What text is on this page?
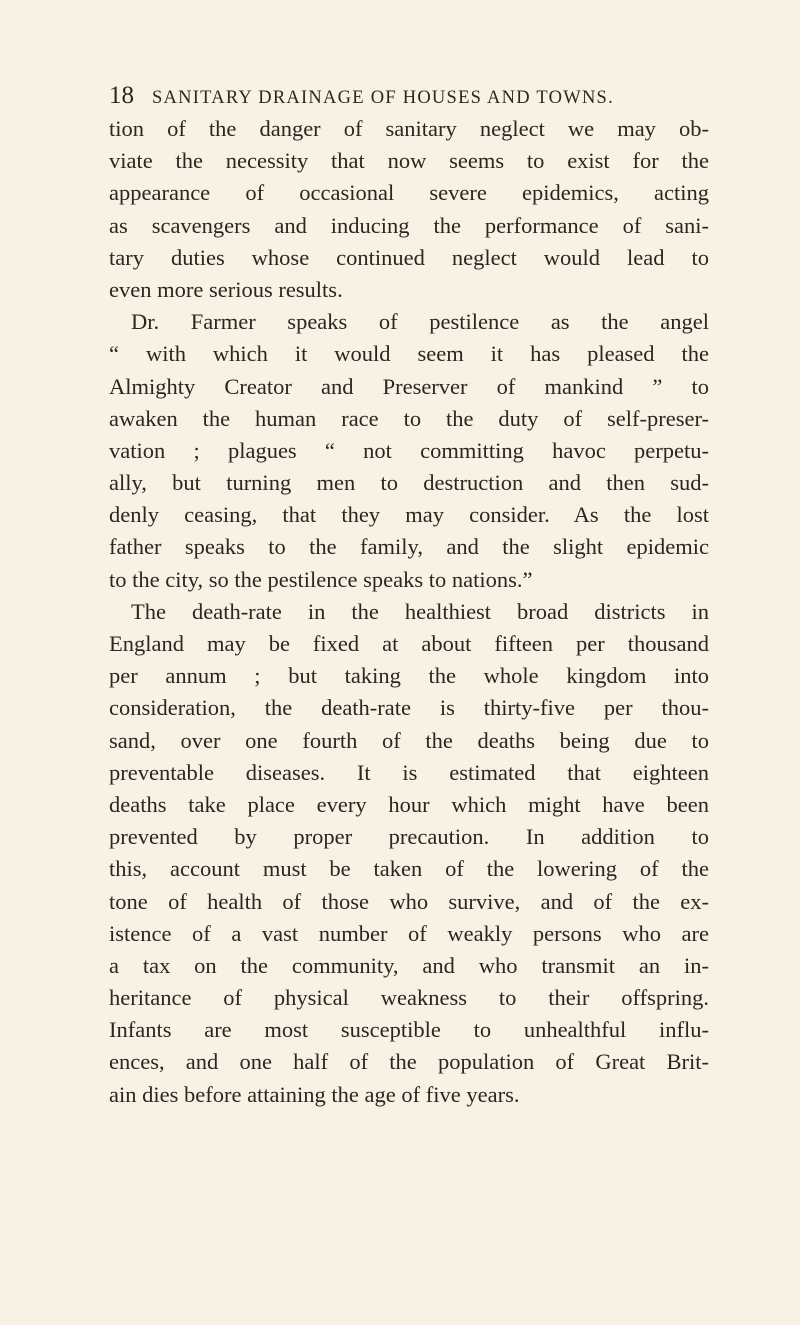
18 SANITARY DRAINAGE OF HOUSES AND TOWNS.
tion of the danger of sanitary neglect we may ob-
viate the necessity that now seems to exist for the
appearance of occasional severe epidemics, acting
as scavengers and inducing the performance of sani-
tary duties whose continued neglect would lead to
even more serious results.
Dr. Farmer speaks of pestilence as the angel
“ with which it would seem it has pleased the
Almighty Creator and Preserver of mankind ” to
awaken the human race to the duty of self-preser-
vation ; plagues “ not committing havoc perpetu-
ally, but turning men to destruction and then sud-
denly ceasing, that they may consider. As the lost
father speaks to the family, and the slight epidemic
to the city, so the pestilence speaks to nations.”
The death-rate in the healthiest broad districts in
England may be fixed at about fifteen per thousand
per annum ; but taking the whole kingdom into
consideration, the death-rate is thirty-five per thou-
sand, over one fourth of the deaths being due to
preventable diseases. It is estimated that eighteen
deaths take place every hour which might have been
prevented by proper precaution. In addition to
this, account must be taken of the lowering of the
tone of health of those who survive, and of the ex-
istence of a vast number of weakly persons who are
a tax on the community, and who transmit an in-
heritance of physical weakness to their offspring.
Infants are most susceptible to unhealthful influ-
ences, and one half of the population of Great Brit-
ain dies before attaining the age of five years.
